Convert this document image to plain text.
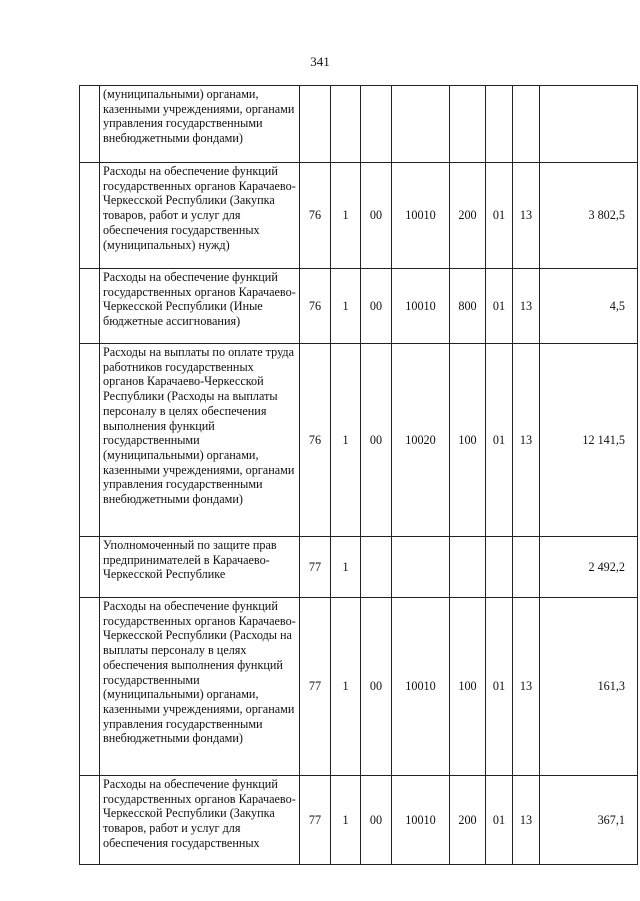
341
	(муниципальными) органами, казенными учреждениями, органами управления государственными внебюджетными фондами)								
	Расходы на обеспечение функций государственных органов Карачаево-Черкесской Республики (Закупка товаров, работ и услуг для обеспечения государственных (муниципальных) нужд)	76	1	00	10010	200	01	13	3 802,5
	Расходы на обеспечение функций государственных органов Карачаево-Черкесской Республики (Иные бюджетные ассигнования)	76	1	00	10010	800	01	13	4,5
	Расходы на выплаты по оплате труда работников государственных органов Карачаево-Черкесской Республики (Расходы на выплаты персоналу в целях обеспечения выполнения функций государственными (муниципальными) органами, казенными учреждениями, органами управления государственными внебюджетными фондами)	76	1	00	10020	100	01	13	12 141,5
	Уполномоченный по защите прав предпринимателей в Карачаево-Черкесской Республике	77	1						2 492,2
	Расходы на обеспечение функций государственных органов Карачаево-Черкесской Республики (Расходы на выплаты персоналу в целях обеспечения выполнения функций государственными (муниципальными) органами, казенными учреждениями, органами управления государственными внебюджетными фондами)	77	1	00	10010	100	01	13	161,3
	Расходы на обеспечение функций государственных органов Карачаево-Черкесской Республики (Закупка товаров, работ и услуг для обеспечения государственных	77	1	00	10010	200	01	13	367,1
